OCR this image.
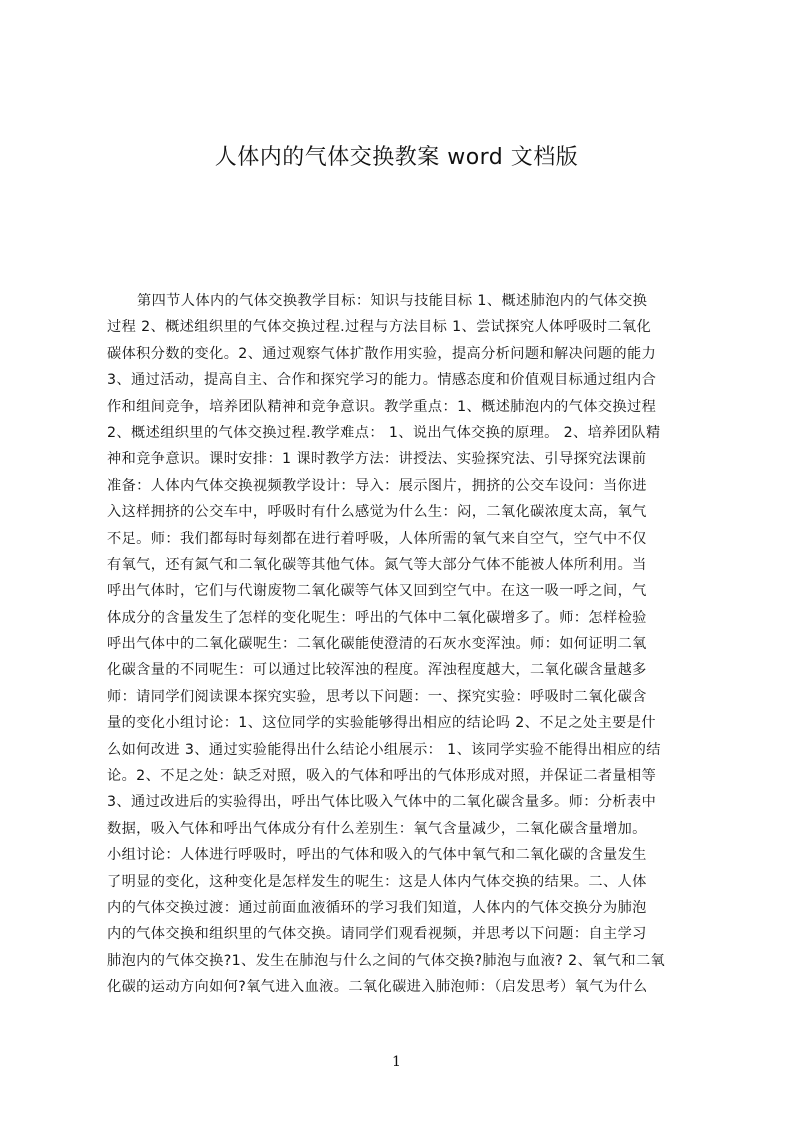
人体内的气体交换教案 word 文档版
第四节人体内的气体交换教学目标：知识与技能目标 1、概述肺泡内的气体交换
过程 2、概述组织里的气体交换过程.过程与方法目标 1、尝试探究人体呼吸时二氧化
碳体积分数的变化。2、通过观察气体扩散作用实验，提高分析问题和解决问题的能力
3、通过活动，提高自主、合作和探究学习的能力。情感态度和价值观目标通过组内合
作和组间竞争，培养团队精神和竞争意识。教学重点：1、概述肺泡内的气体交换过程
2、概述组织里的气体交换过程.教学难点： 1、说出气体交换的原理。 2、培养团队精
神和竞争意识。课时安排：1 课时教学方法：讲授法、实验探究法、引导探究法课前
准备：人体内气体交换视频教学设计：导入：展示图片，拥挤的公交车设问：当你进
入这样拥挤的公交车中，呼吸时有什么感觉为什么生：闷，二氧化碳浓度太高，氧气
不足。师：我们都每时每刻都在进行着呼吸，人体所需的氧气来自空气，空气中不仅
有氧气，还有氮气和二氧化碳等其他气体。氮气等大部分气体不能被人体所利用。当
呼出气体时，它们与代谢废物二氧化碳等气体又回到空气中。在这一吸一呼之间，气
体成分的含量发生了怎样的变化呢生：呼出的气体中二氧化碳增多了。师：怎样检验
呼出气体中的二氧化碳呢生：二氧化碳能使澄清的石灰水变浑浊。师：如何证明二氧
化碳含量的不同呢生：可以通过比较浑浊的程度。浑浊程度越大，二氧化碳含量越多
师：请同学们阅读课本探究实验，思考以下问题：一、探究实验：呼吸时二氧化碳含
量的变化小组讨论：1、这位同学的实验能够得出相应的结论吗 2、不足之处主要是什
么如何改进 3、通过实验能得出什么结论小组展示： 1、该同学实验不能得出相应的结
论。2、不足之处：缺乏对照，吸入的气体和呼出的气体形成对照，并保证二者量相等
3、通过改进后的实验得出，呼出气体比吸入气体中的二氧化碳含量多。师：分析表中
数据，吸入气体和呼出气体成分有什么差别生：氧气含量减少，二氧化碳含量增加。
小组讨论：人体进行呼吸时，呼出的气体和吸入的气体中氧气和二氧化碳的含量发生
了明显的变化，这种变化是怎样发生的呢生：这是人体内气体交换的结果。二、人体
内的气体交换过渡：通过前面血液循环的学习我们知道，人体内的气体交换分为肺泡
内的气体交换和组织里的气体交换。请同学们观看视频，并思考以下问题：自主学习
肺泡内的气体交换?1、发生在肺泡与什么之间的气体交换?肺泡与血液? 2、氧气和二氧
化碳的运动方向如何?氧气进入血液。二氧化碳进入肺泡师：（启发思考）氧气为什么
1
